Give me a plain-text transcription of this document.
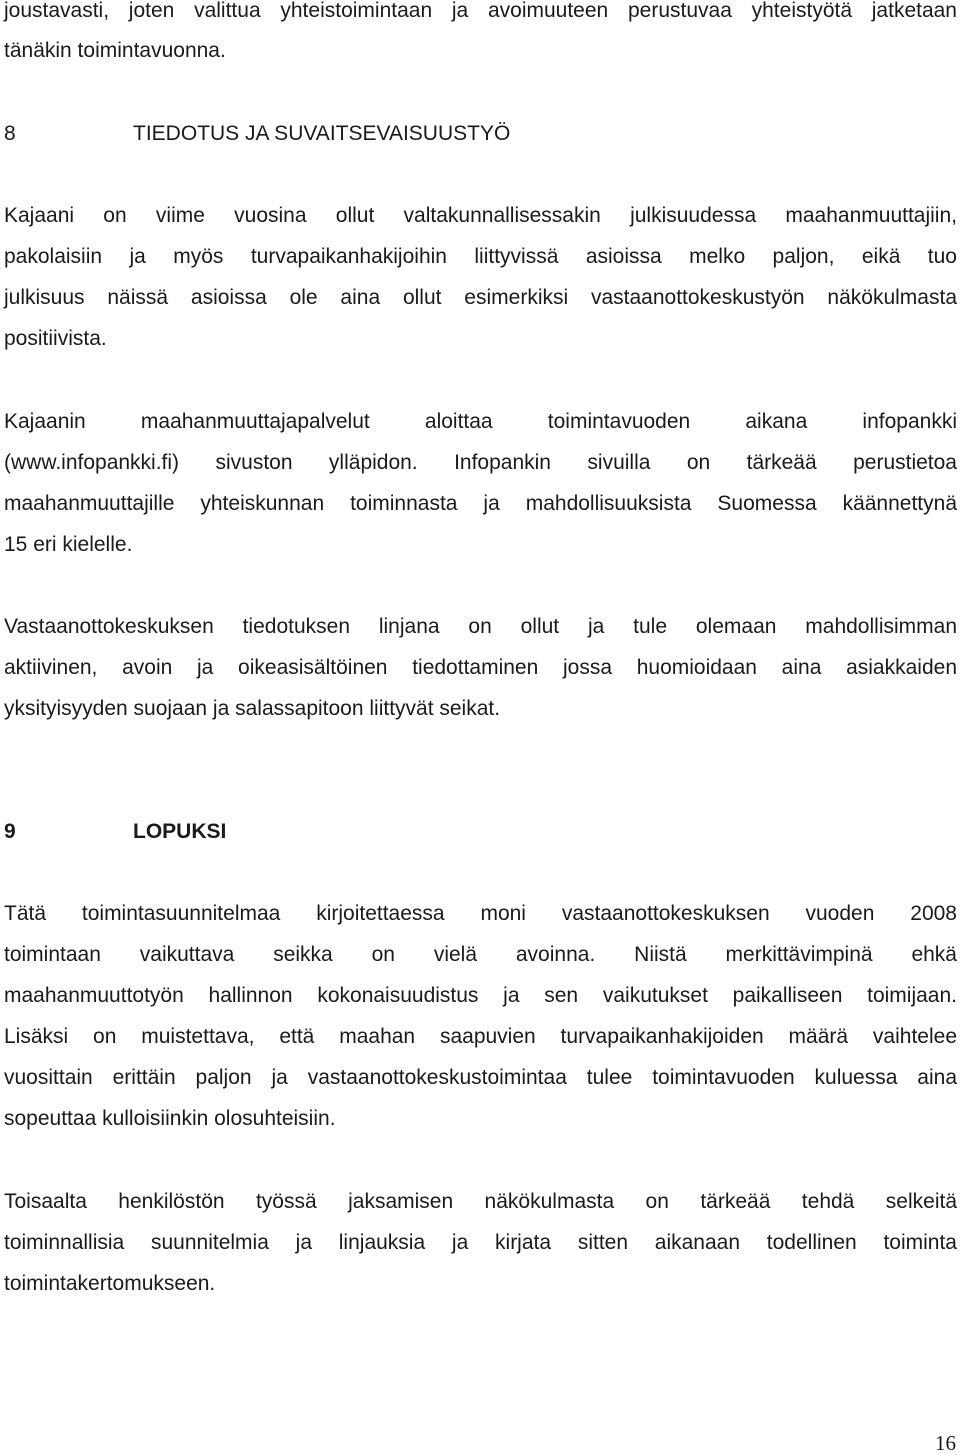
joustavasti, joten valittua yhteistoimintaan ja avoimuuteen perustuvaa yhteistyötä jatketaan
tänäkin toimintavuonna.
8	TIEDOTUS JA SUVAITSEVAISUUSTYÖ
Kajaani on viime vuosina ollut valtakunnallisessakin julkisuudessa maahanmuuttajiin,
pakolaisiin ja myös turvapaikanhakijoihin liittyvissä asioissa melko paljon, eikä tuo
julkisuus näissä asioissa ole aina ollut esimerkiksi vastaanottokeskustyön näkökulmasta
positiivista.
Kajaanin maahanmuuttajapalvelut aloittaa toimintavuoden aikana infopankki
(www.infopankki.fi) sivuston ylläpidon. Infopankin sivuilla on tärkeää perustietoa
maahanmuuttajille yhteiskunnan toiminnasta ja mahdollisuuksista Suomessa käännettynä
15 eri kielelle.
Vastaanottokeskuksen tiedotuksen linjana on ollut ja tule olemaan mahdollisimman
aktiivinen, avoin ja oikeasisältöinen tiedottaminen jossa huomioidaan aina asiakkaiden
yksityisyyden suojaan ja salassapitoon liittyvät seikat.
9	LOPUKSI
Tätä toimintasuunnitelmaa kirjoitettaessa moni vastaanottokeskuksen vuoden 2008
toimintaan vaikuttava seikka on vielä avoinna. Niistä merkittävimpinä ehkä
maahanmuuttotyön hallinnon kokonaisuudistus ja sen vaikutukset paikalliseen toimijaan.
Lisäksi on muistettava, että maahan saapuvien turvapaikanhakijoiden määrä vaihtelee
vuosittain erittäin paljon ja vastaanottokeskustoimintaa tulee toimintavuoden kuluessa aina
sopeuttaa kulloisiinkin olosuhteisiin.
Toisaalta henkilöstön työssä jaksamisen näkökulmasta on tärkeää tehdä selkeitä
toiminnallisia suunnitelmia ja linjauksia ja kirjata sitten aikanaan todellinen toiminta
toimintakertomukseen.
16
